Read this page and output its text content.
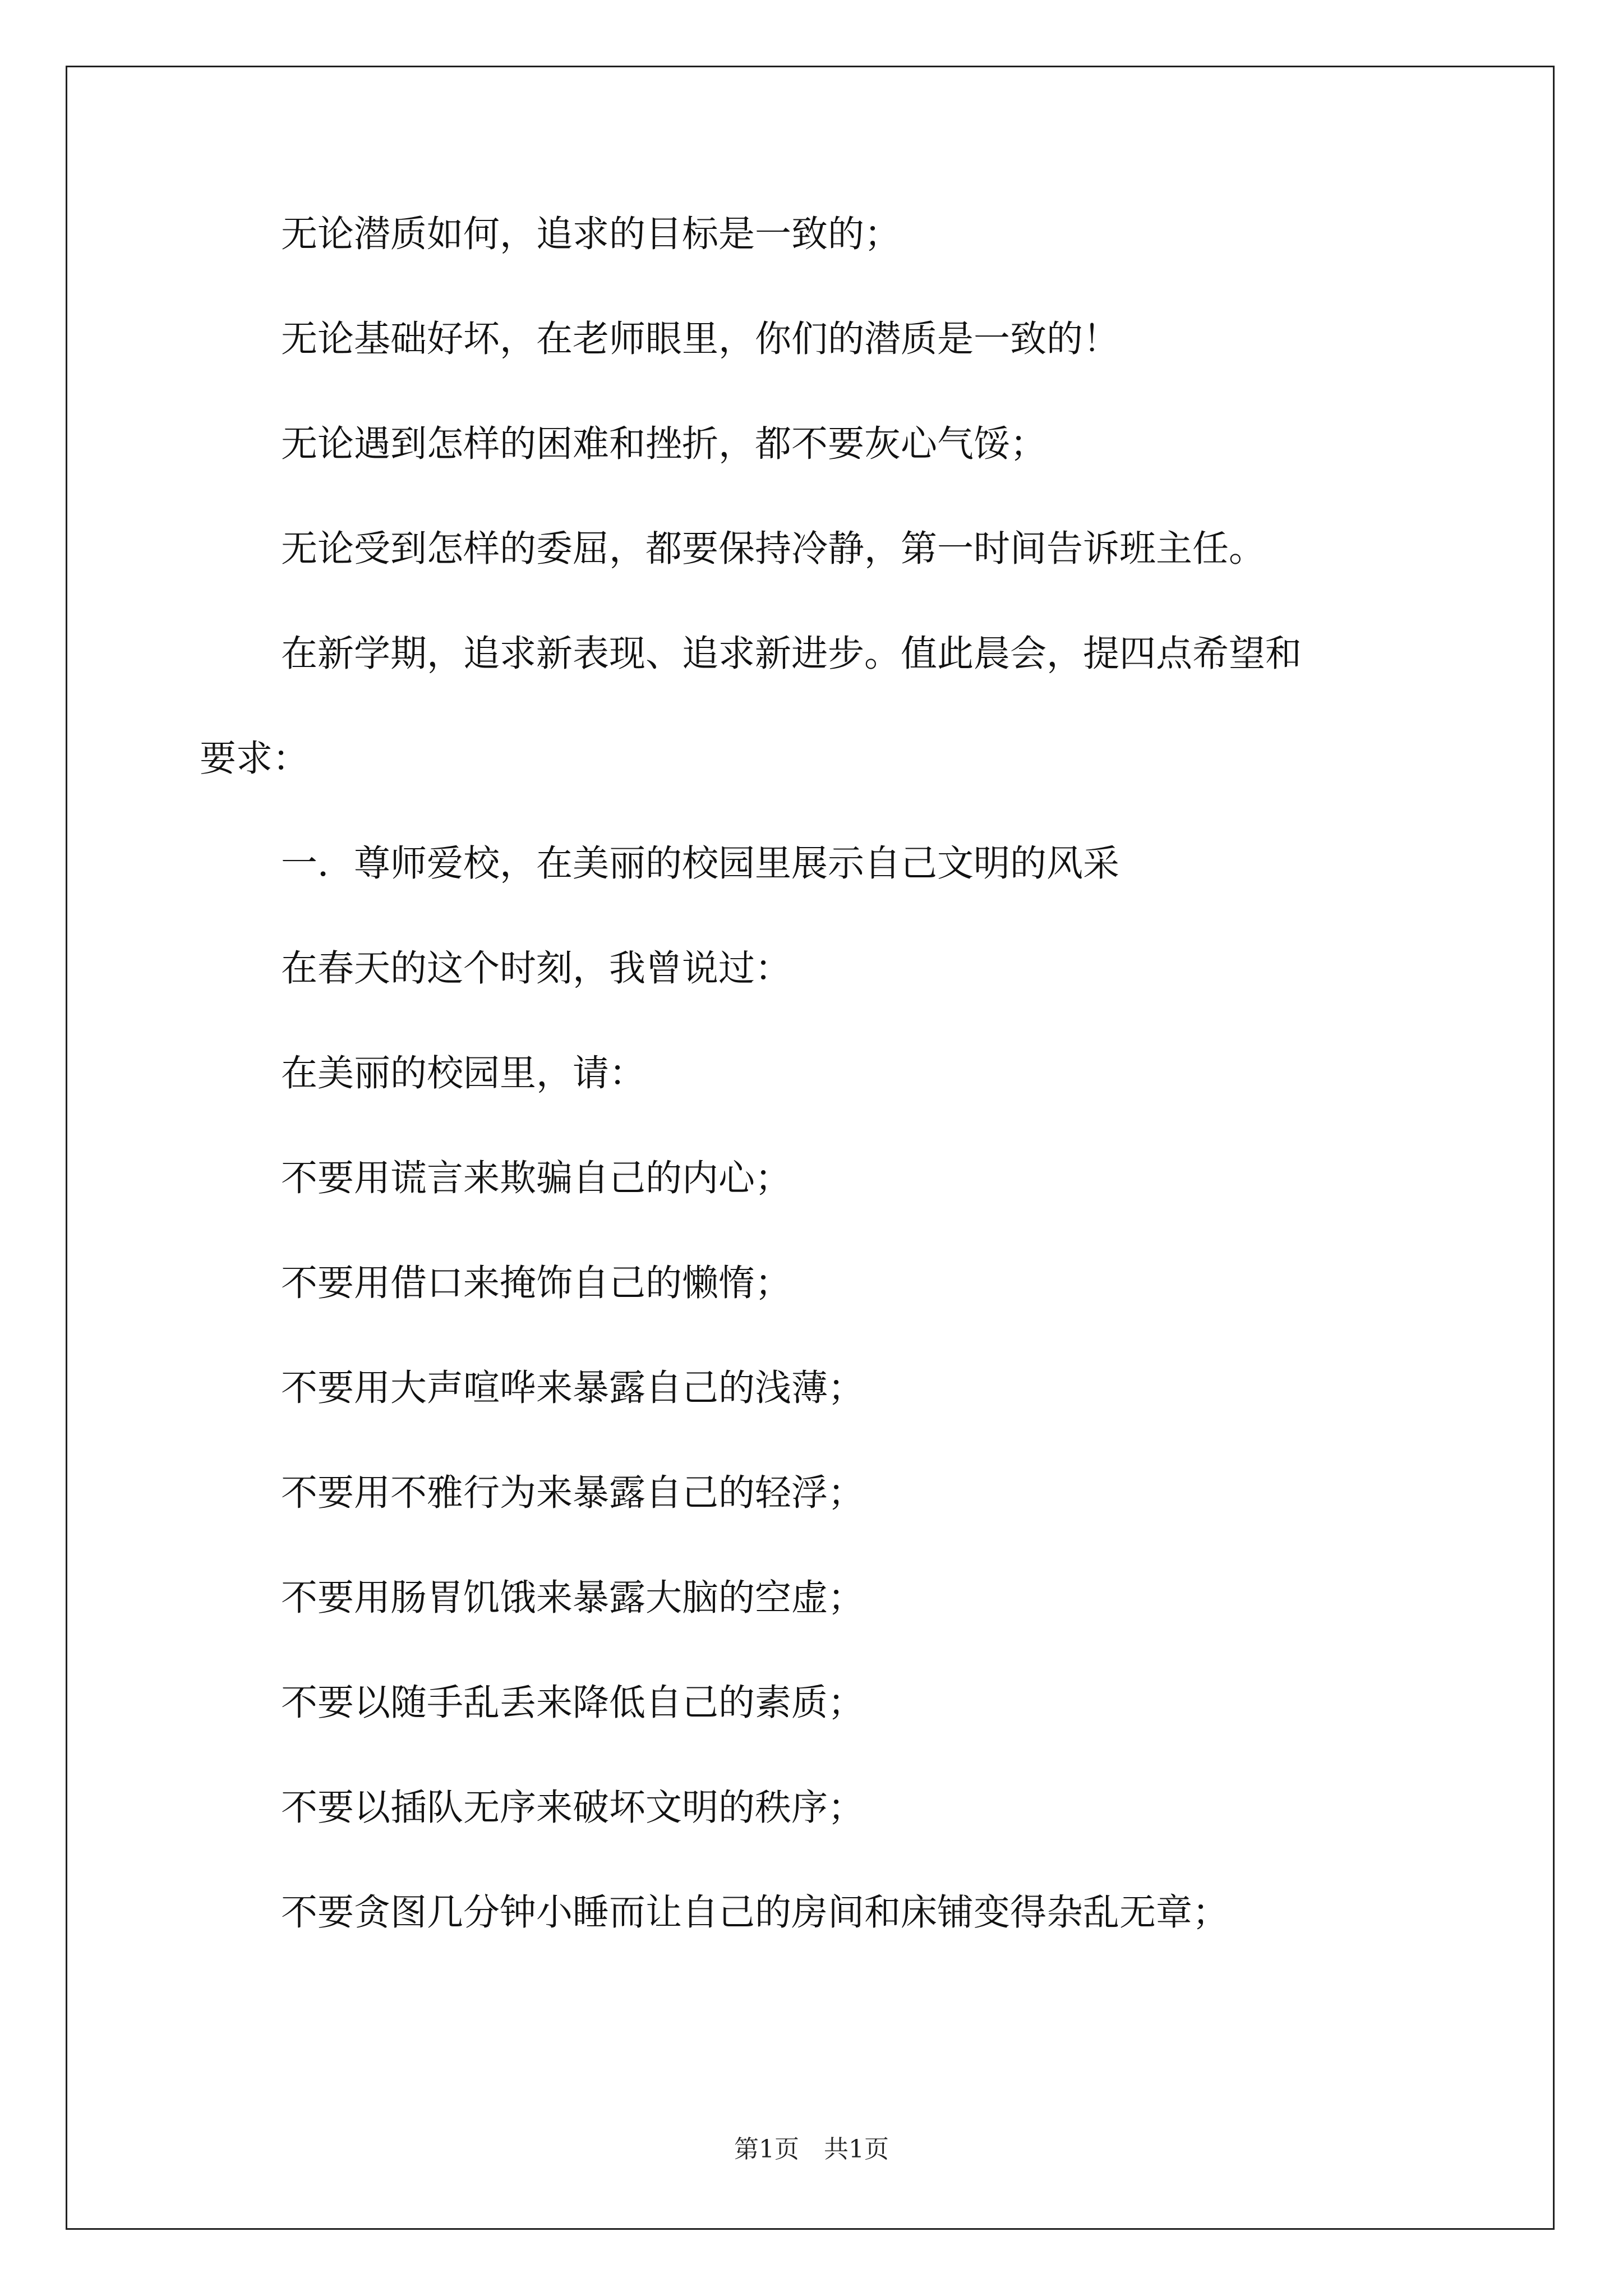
无论潜质如何，追求的目标是一致的；

无论基础好坏，在老师眼里，你们的潜质是一致的！

无论遇到怎样的困难和挫折，都不要灰心气馁；

无论受到怎样的委屈，都要保持冷静，第一时间告诉班主任。

在新学期，追求新表现、追求新进步。值此晨会，提四点希望和

要求：

一．尊师爱校，在美丽的校园里展示自己文明的风采

在春天的这个时刻，我曾说过：

在美丽的校园里，请：

不要用谎言来欺骗自己的内心；

不要用借口来掩饰自己的懒惰；

不要用大声喧哗来暴露自己的浅薄；

不要用不雅行为来暴露自己的轻浮；

不要用肠胃饥饿来暴露大脑的空虚；

不要以随手乱丢来降低自己的素质；

不要以插队无序来破坏文明的秩序；

不要贪图几分钟小睡而让自己的房间和床铺变得杂乱无章；

第1页　共1页
